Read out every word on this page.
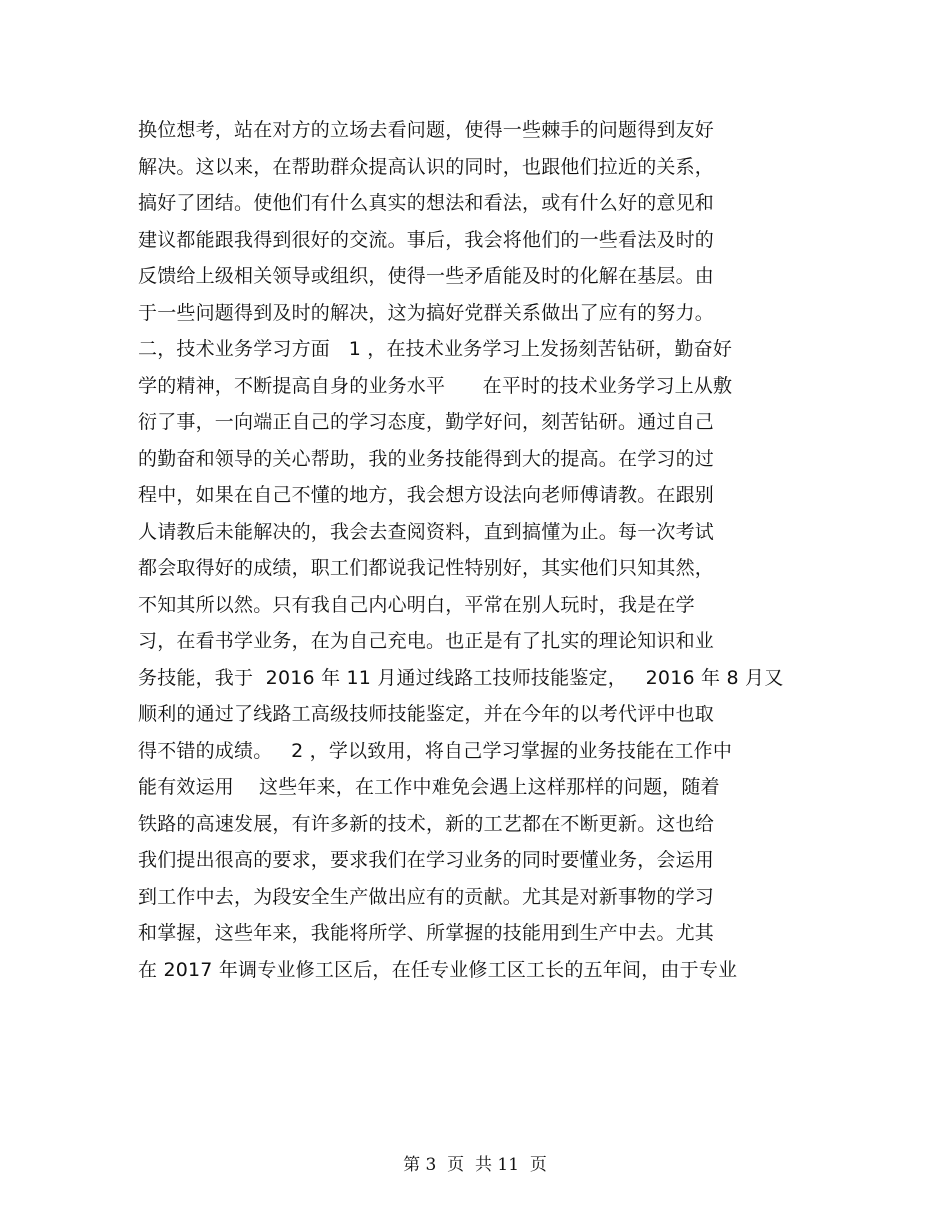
换位想考，站在对方的立场去看问题，使得一些棘手的问题得到友好
解决。这以来，在帮助群众提高认识的同时，也跟他们拉近的关系，
搞好了团结。使他们有什么真实的想法和看法，或有什么好的意见和
建议都能跟我得到很好的交流。事后，我会将他们的一些看法及时的
反馈给上级相关领导或组织，使得一些矛盾能及时的化解在基层。由
于一些问题得到及时的解决，这为搞好党群关系做出了应有的努力。
二，技术业务学习方面   1 ，在技术业务学习上发扬刻苦钻研，勤奋好
学的精神，不断提高自身的业务水平      在平时的技术业务学习上从敷
衍了事，一向端正自己的学习态度，勤学好问，刻苦钻研。通过自己
的勤奋和领导的关心帮助，我的业务技能得到大的提高。在学习的过
程中，如果在自己不懂的地方，我会想方设法向老师傅请教。在跟别
人请教后未能解决的，我会去查阅资料，直到搞懂为止。每一次考试
都会取得好的成绩，职工们都说我记性特别好，其实他们只知其然，
不知其所以然。只有我自己内心明白，平常在别人玩时，我是在学
习，在看书学业务，在为自己充电。也正是有了扎实的理论知识和业
务技能，我于  2016 年 11 月通过线路工技师技能鉴定，   2016 年 8 月又
顺利的通过了线路工高级技师技能鉴定，并在今年的以考代评中也取
得不错的成绩。   2 ，学以致用，将自己学习掌握的业务技能在工作中
能有效运用    这些年来，在工作中难免会遇上这样那样的问题，随着
铁路的高速发展，有许多新的技术，新的工艺都在不断更新。这也给
我们提出很高的要求，要求我们在学习业务的同时要懂业务，会运用
到工作中去，为段安全生产做出应有的贡献。尤其是对新事物的学习
和掌握，这些年来，我能将所学、所掌握的技能用到生产中去。尤其
在 2017 年调专业修工区后，在任专业修工区工长的五年间，由于专业
第 3  页  共 11  页
